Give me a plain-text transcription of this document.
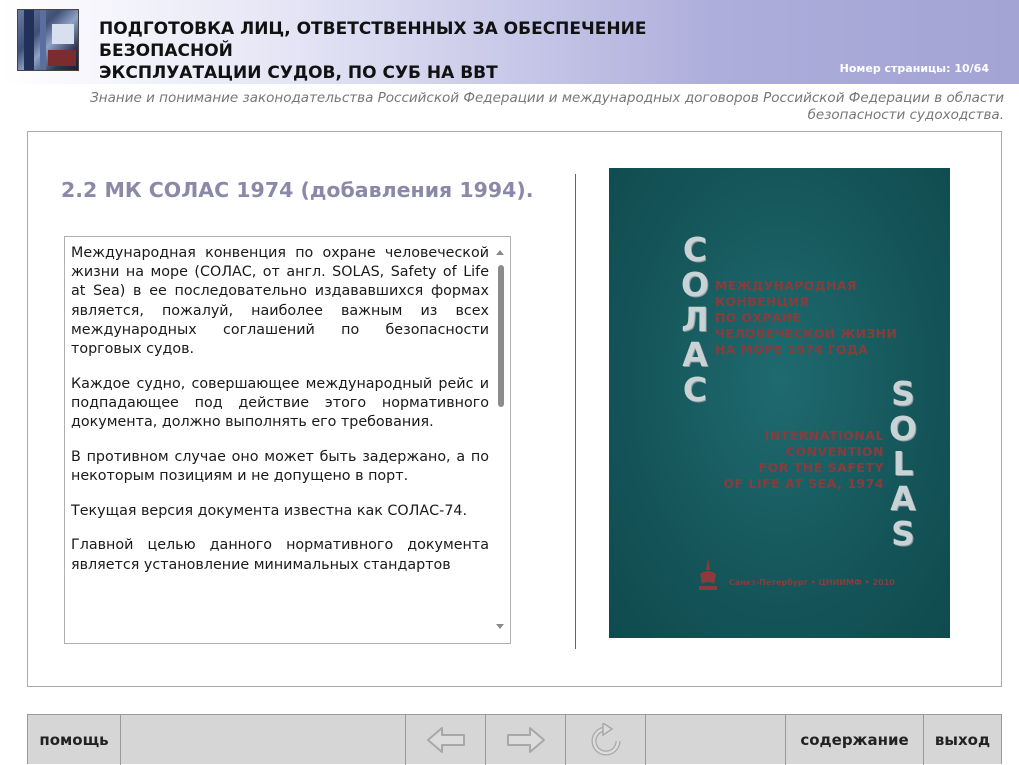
ПОДГОТОВКА ЛИЦ, ОТВЕТСТВЕННЫХ ЗА ОБЕСПЕЧЕНИЕ БЕЗОПАСНОЙ
ЭКСПЛУАТАЦИИ СУДОВ, ПО СУБ НА ВВТ	Номер страницы: 10/64
Знание и понимание законодательства Российской Федерации и международных договоров Российской Федерации в области
безопасности судоходства.
2.2 МК СОЛАС 1974 (добавления 1994).

Международная конвенция по охране человеческой жизни на море (СОЛАС, от англ. SOLAS, Safety of Life at Sea) в ее последовательно издававшихся формах является, пожалуй, наиболее важным из всех международных соглашений по безопасности торговых судов.

Каждое судно, совершающее международный рейс и подпадающее под действие этого нормативного документа, должно выполнять его требования.

В противном случае оно может быть задержано, а по некоторым позициям и не допущено в порт.

Текущая версия документа известна как СОЛАС-74.

Главной целью данного нормативного документа является установление минимальных стандартов

С
О
Л
А
С
МЕЖДУНАРОДНАЯ
КОНВЕНЦИЯ
ПО ОХРАНЕ
ЧЕЛОВЕЧЕСКОЙ ЖИЗНИ
НА МОРЕ 1974 ГОДА
S
O
L
A
S
INTERNATIONAL
CONVENTION
FOR THE SAFETY
OF LIFE AT SEA, 1974
Санкт-Петербург • ЦНИИМФ • 2010
помощь	содержание	выход
